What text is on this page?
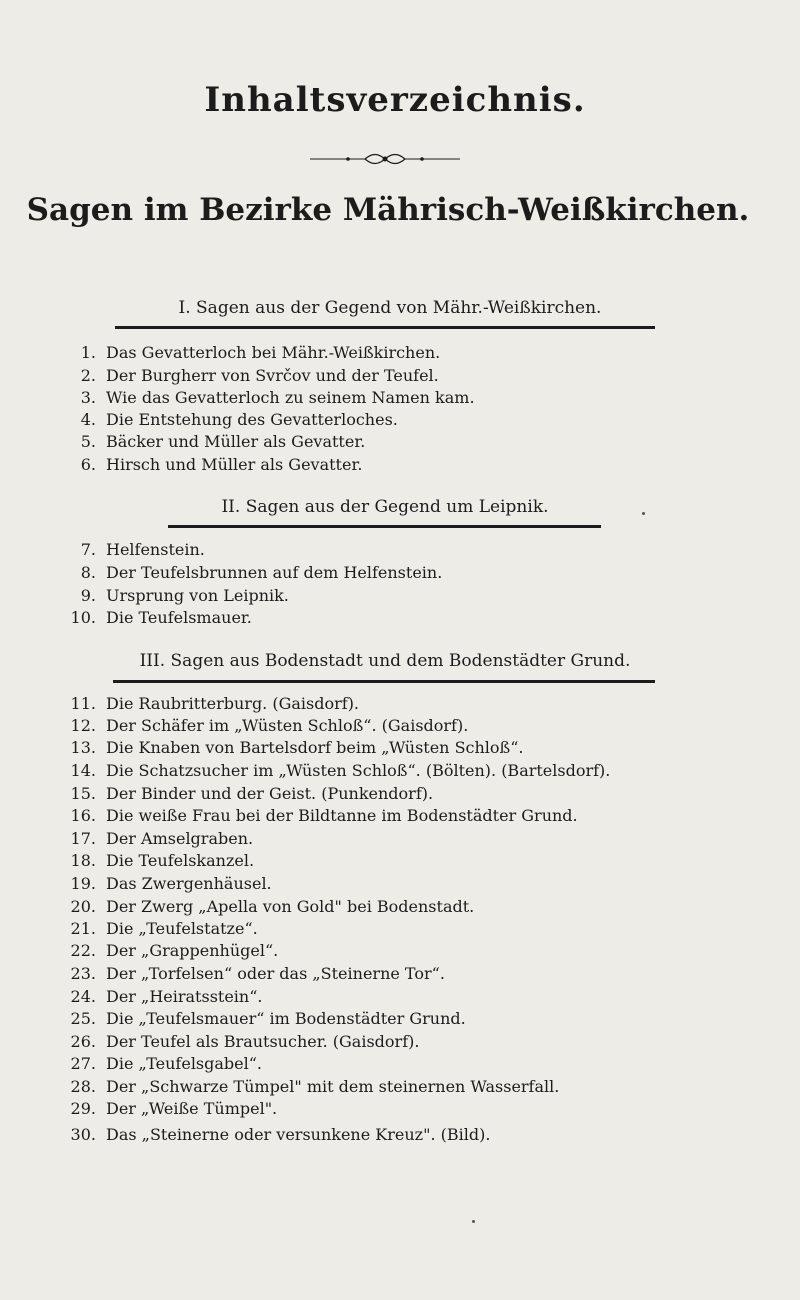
Inhaltsverzeichnis.
Sagen im Bezirke Mährisch-Weißkirchen.
I. Sagen aus der Gegend von Mähr.-Weißkirchen.
1. Das Gevatterloch bei Mähr.-Weißkirchen.
2. Der Burgherr von Svrčov und der Teufel.
3. Wie das Gevatterloch zu seinem Namen kam.
4. Die Entstehung des Gevatterloches.
5. Bäcker und Müller als Gevatter.
6. Hirsch und Müller als Gevatter.
II. Sagen aus der Gegend um Leipnik.
7. Helfenstein.
8. Der Teufelsbrunnen auf dem Helfenstein.
9. Ursprung von Leipnik.
10. Die Teufelsmauer.
III. Sagen aus Bodenstadt und dem Bodenstädter Grund.
11. Die Raubritterburg. (Gaisdorf).
12. Der Schäfer im „Wüsten Schloß“. (Gaisdorf).
13. Die Knaben von Bartelsdorf beim „Wüsten Schloß“.
14. Die Schatzsucher im „Wüsten Schloß“. (Bölten). (Bartelsdorf).
15. Der Binder und der Geist. (Punkendorf).
16. Die weiße Frau bei der Bildtanne im Bodenstädter Grund.
17. Der Amselgraben.
18. Die Teufelskanzel.
19. Das Zwergenhäusel.
20. Der Zwerg „Apella von Gold" bei Bodenstadt.
21. Die „Teufelstatze“.
22. Der „Grappenhügel“.
23. Der „Torfelsen“ oder das „Steinerne Tor“.
24. Der „Heiratsstein“.
25. Die „Teufelsmauer“ im Bodenstädter Grund.
26. Der Teufel als Brautsucher. (Gaisdorf).
27. Die „Teufelsgabel“.
28. Der „Schwarze Tümpel" mit dem steinernen Wasserfall.
29. Der „Weiße Tümpel".
30. Das „Steinerne oder versunkene Kreuz". (Bild).
